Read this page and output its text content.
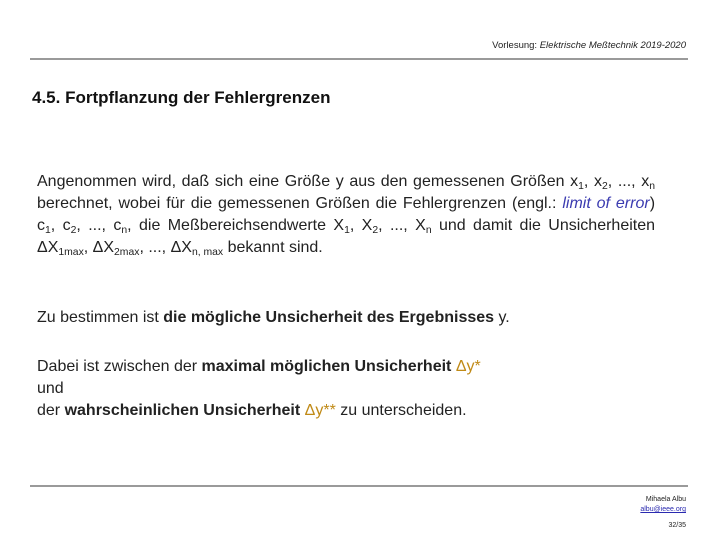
Vorlesung: Elektrische Meßtechnik 2019-2020
4.5. Fortpflanzung der Fehlergrenzen
Angenommen wird, daß sich eine Größe y aus den gemessenen Größen $x_1$, $x_2$, ..., $x_n$ berechnet, wobei für die gemessenen Größen die Fehlergrenzen (engl.: limit of error) $c_1$, $c_2$, ..., $c_n$, die Meßbereichsendwerte $X_1$, $X_2$, ..., $X_n$ und damit die Unsicherheiten $\Delta X_{1max}$, $\Delta X_{2max}$, ..., $\Delta X_{n, max}$ bekannt sind.
Zu bestimmen ist die mögliche Unsicherheit des Ergebnisses y.
Dabei ist zwischen der maximal möglichen Unsicherheit Δy*
und
der wahrscheinlichen Unsicherheit Δy** zu unterscheiden.
Mihaela Albu
albu@ieee.org
32/35
